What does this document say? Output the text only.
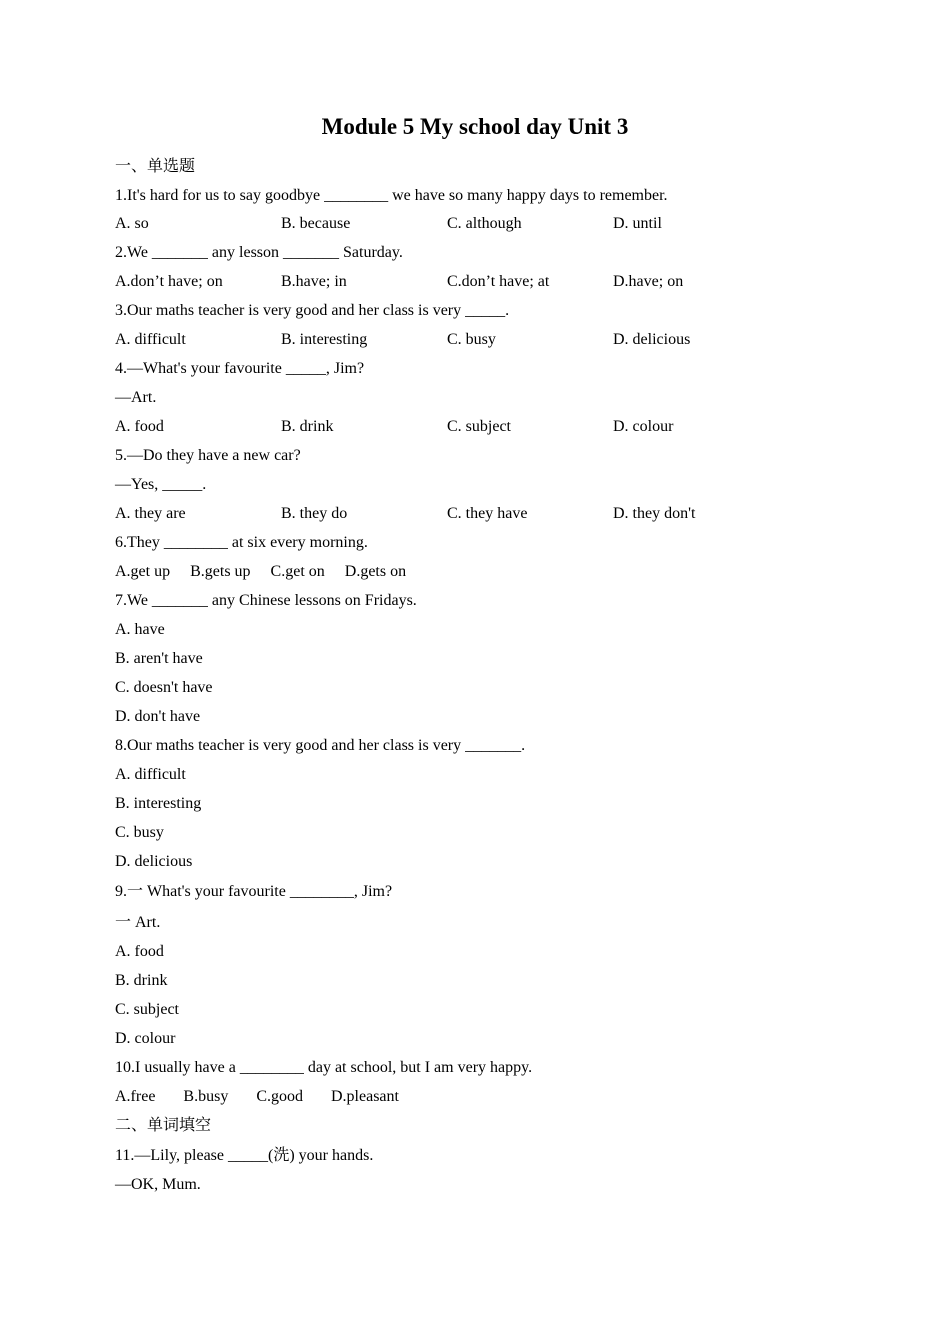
Module 5 My school day Unit 3
一、单选题
1.It's hard for us to say goodbye ________ we have so many happy days to remember.
A. so	B. because	C. although	D. until
2.We _______ any lesson _______ Saturday.
A.don’t have; on	B.have; in	C.don’t have; at	D.have; on
3.Our maths teacher is very good and her class is very _____.
A. difficult	B. interesting	C. busy	D. delicious
4.—What's your favourite _____, Jim?
—Art.
A. food	B. drink	C. subject	D. colour
5.—Do they have a new car?
—Yes, _____.
A. they are	B. they do	C. they have	D. they don't
6.They ________ at six every morning.
A.get up     B.gets up     C.get on     D.gets on
7.We _______ any Chinese lessons on Fridays.
A. have
B. aren't have
C. doesn't have
D. don't have
8.Our maths teacher is very good and her class is very _______.
A. difficult
B. interesting
C. busy
D. delicious
9.一 What's your favourite ________, Jim?
一 Art.
A. food
B. drink
C. subject
D. colour
10.I usually have a ________ day at school, but I am very happy.
A.free       B.busy       C.good       D.pleasant
二、单词填空
11.—Lily, please _____(洗) your hands.
—OK, Mum.
